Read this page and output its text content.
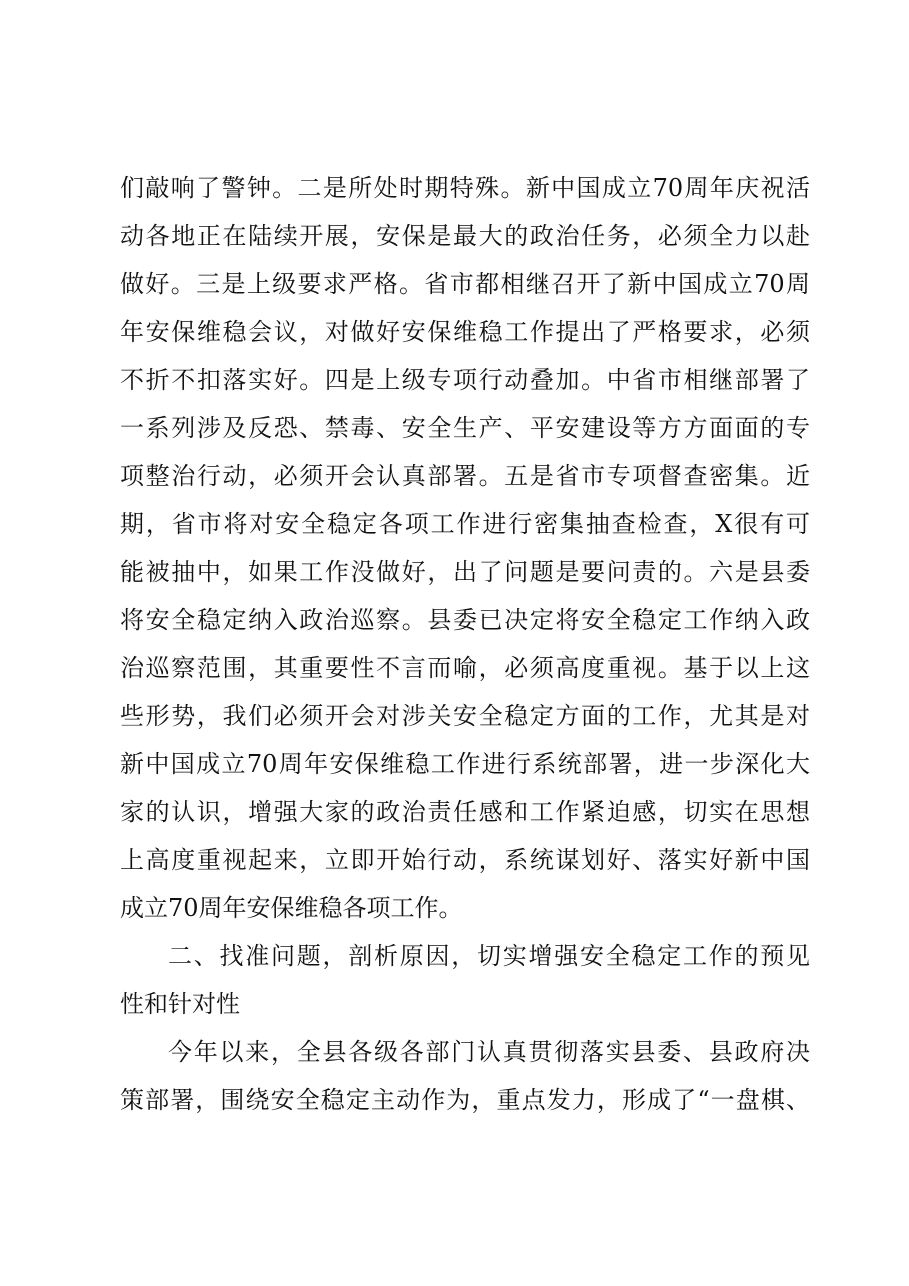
们敲响了警钟。二是所处时期特殊。新中国成立70周年庆祝活
动各地正在陆续开展，安保是最大的政治任务，必须全力以赴
做好。三是上级要求严格。省市都相继召开了新中国成立70周
年安保维稳会议，对做好安保维稳工作提出了严格要求，必须
不折不扣落实好。四是上级专项行动叠加。中省市相继部署了
一系列涉及反恐、禁毒、安全生产、平安建设等方方面面的专
项整治行动，必须开会认真部署。五是省市专项督查密集。近
期，省市将对安全稳定各项工作进行密集抽查检查，X很有可
能被抽中，如果工作没做好，出了问题是要问责的。六是县委
将安全稳定纳入政治巡察。县委已决定将安全稳定工作纳入政
治巡察范围，其重要性不言而喻，必须高度重视。基于以上这
些形势，我们必须开会对涉关安全稳定方面的工作，尤其是对
新中国成立70周年安保维稳工作进行系统部署，进一步深化大
家的认识，增强大家的政治责任感和工作紧迫感，切实在思想
上高度重视起来，立即开始行动，系统谋划好、落实好新中国
成立70周年安保维稳各项工作。
二、找准问题，剖析原因，切实增强安全稳定工作的预见
性和针对性
今年以来，全县各级各部门认真贯彻落实县委、县政府决
策部署，围绕安全稳定主动作为，重点发力，形成了“一盘棋、
